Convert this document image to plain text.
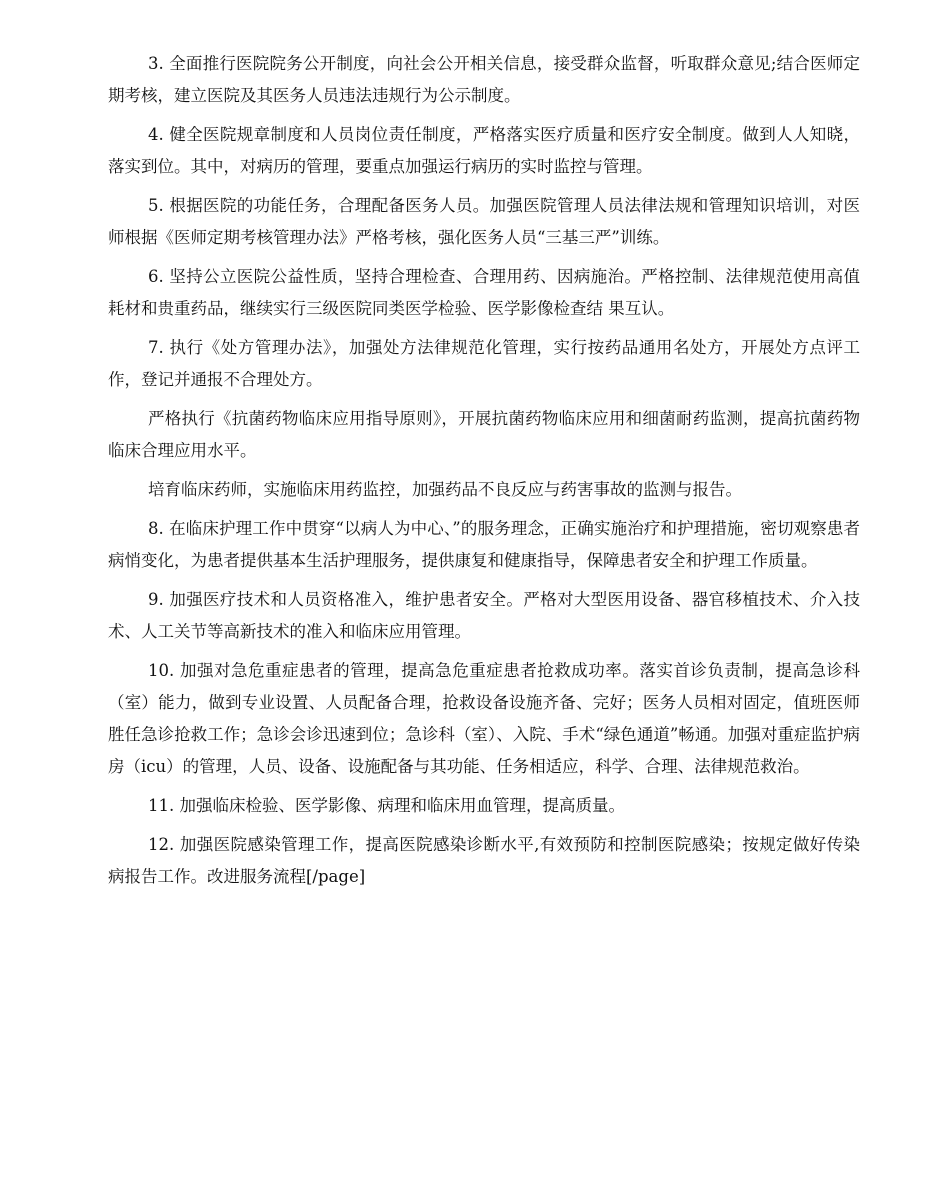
3. 全面推行医院院务公开制度，向社会公开相关信息，接受群众监督，听取群众意见;结合医师定期考核，建立医院及其医务人员违法违规行为公示制度。

4. 健全医院规章制度和人员岗位责任制度，严格落实医疗质量和医疗安全制度。做到人人知晓，落实到位。其中，对病历的管理，要重点加强运行病历的实时监控与管理。

5. 根据医院的功能任务，合理配备医务人员。加强医院管理人员法律法规和管理知识培训，对医师根据《医师定期考核管理办法》严格考核，强化医务人员“三基三严”训练。

6. 坚持公立医院公益性质，坚持合理检查、合理用药、因病施治。严格控制、法律规范使用高值耗材和贵重药品，继续实行三级医院同类医学检验、医学影像检查结 果互认。

7. 执行《处方管理办法》，加强处方法律规范化管理，实行按药品通用名处方，开展处方点评工作，登记并通报不合理处方。

严格执行《抗菌药物临床应用指导原则》，开展抗菌药物临床应用和细菌耐药监测，提高抗菌药物临床合理应用水平。

培育临床药师，实施临床用药监控，加强药品不良反应与药害事故的监测与报告。

8. 在临床护理工作中贯穿“以病人为中心、”的服务理念，正确实施治疗和护理措施，密切观察患者病悄变化，为患者提供基本生活护理服务，提供康复和健康指导，保障患者安全和护理工作质量。

9. 加强医疗技术和人员资格准入，维护患者安全。严格对大型医用设备、器官移植技术、介入技术、人工关节等高新技术的准入和临床应用管理。

10. 加强对急危重症患者的管理，提高急危重症患者抢救成功率。落实首诊负责制，提高急诊科（室）能力，做到专业设置、人员配备合理，抢救设备设施齐备、完好；医务人员相对固定，值班医师胜任急诊抢救工作；急诊会诊迅速到位；急诊科（室）、入院、手术“绿色通道”畅通。加强对重症监护病房（icu）的管理，人员、设备、设施配备与其功能、任务相适应，科学、合理、法律规范救治。

11. 加强临床检验、医学影像、病理和临床用血管理，提高质量。

12. 加强医院感染管理工作，提高医院感染诊断水平,有效预防和控制医院感染；按规定做好传染病报告工作。改进服务流程[/page]
